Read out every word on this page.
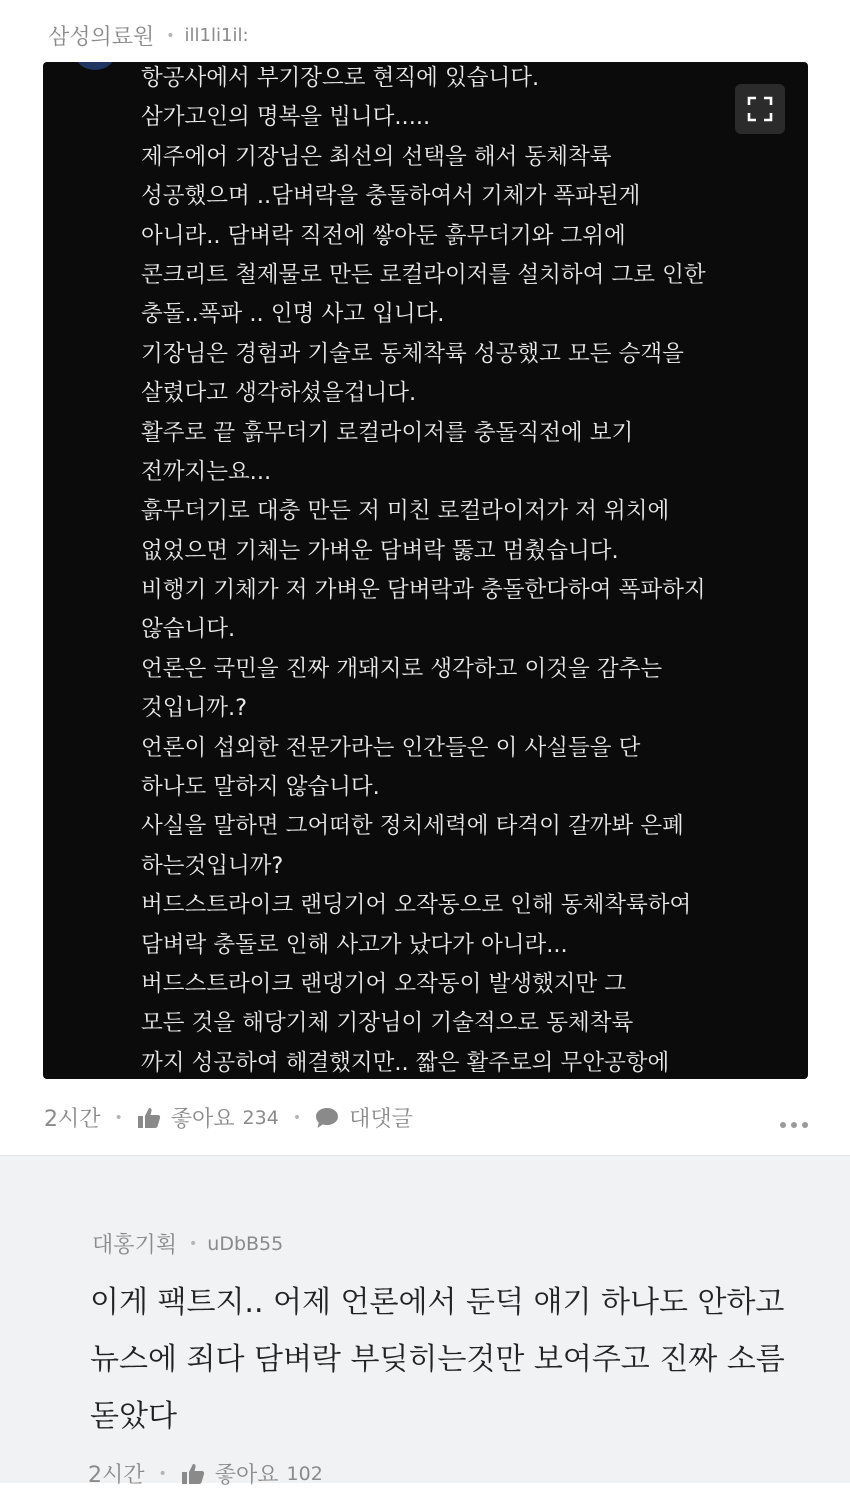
삼성의료원 • ill1li1il:
항공사에서 부기장으로 현직에 있습니다.
삼가고인의 명복을 빕니다.....
제주에어 기장님은 최선의 선택을 해서 동체착륙
성공했으며 ..담벼락을 충돌하여서 기체가 폭파된게
아니라.. 담벼락 직전에 쌓아둔 흙무더기와 그위에
콘크리트 철제물로 만든 로컬라이저를 설치하여 그로 인한
충돌..폭파 .. 인명 사고 입니다.
기장님은 경험과 기술로 동체착륙 성공했고 모든 승객을
살렸다고 생각하셨을겁니다.
활주로 끝 흙무더기 로컬라이저를 충돌직전에 보기
전까지는요...
흙무더기로 대충 만든 저 미친 로컬라이저가 저 위치에
없었으면 기체는 가벼운 담벼락 뚫고 멈췄습니다.
비행기 기체가 저 가벼운 담벼락과 충돌한다하여 폭파하지
않습니다.
언론은 국민을 진짜 개돼지로 생각하고 이것을 감추는
것입니까.?
언론이 섭외한 전문가라는 인간들은 이 사실들을 단
하나도 말하지 않습니다.
사실을 말하면 그어떠한 정치세력에 타격이 갈까봐 은폐
하는것입니까?
버드스트라이크 랜딩기어 오작동으로 인해 동체착륙하여
담벼락 충돌로 인해 사고가 났다가 아니라...
버드스트라이크 랜댕기어 오작동이 발생했지만 그
모든 것을 해당기체 기장님이 기술적으로 동체착륙
까지 성공하여 해결했지만.. 짧은 활주로의 무안공항에
2시간 • 좋아요 234 • 대댓글
대홍기획 • uDbB55
이게 팩트지.. 어제 언론에서 둔덕 얘기 하나도 안하고
뉴스에 죄다 담벼락 부딪히는것만 보여주고 진짜 소름
돋았다
2시간 • 좋아요 102
